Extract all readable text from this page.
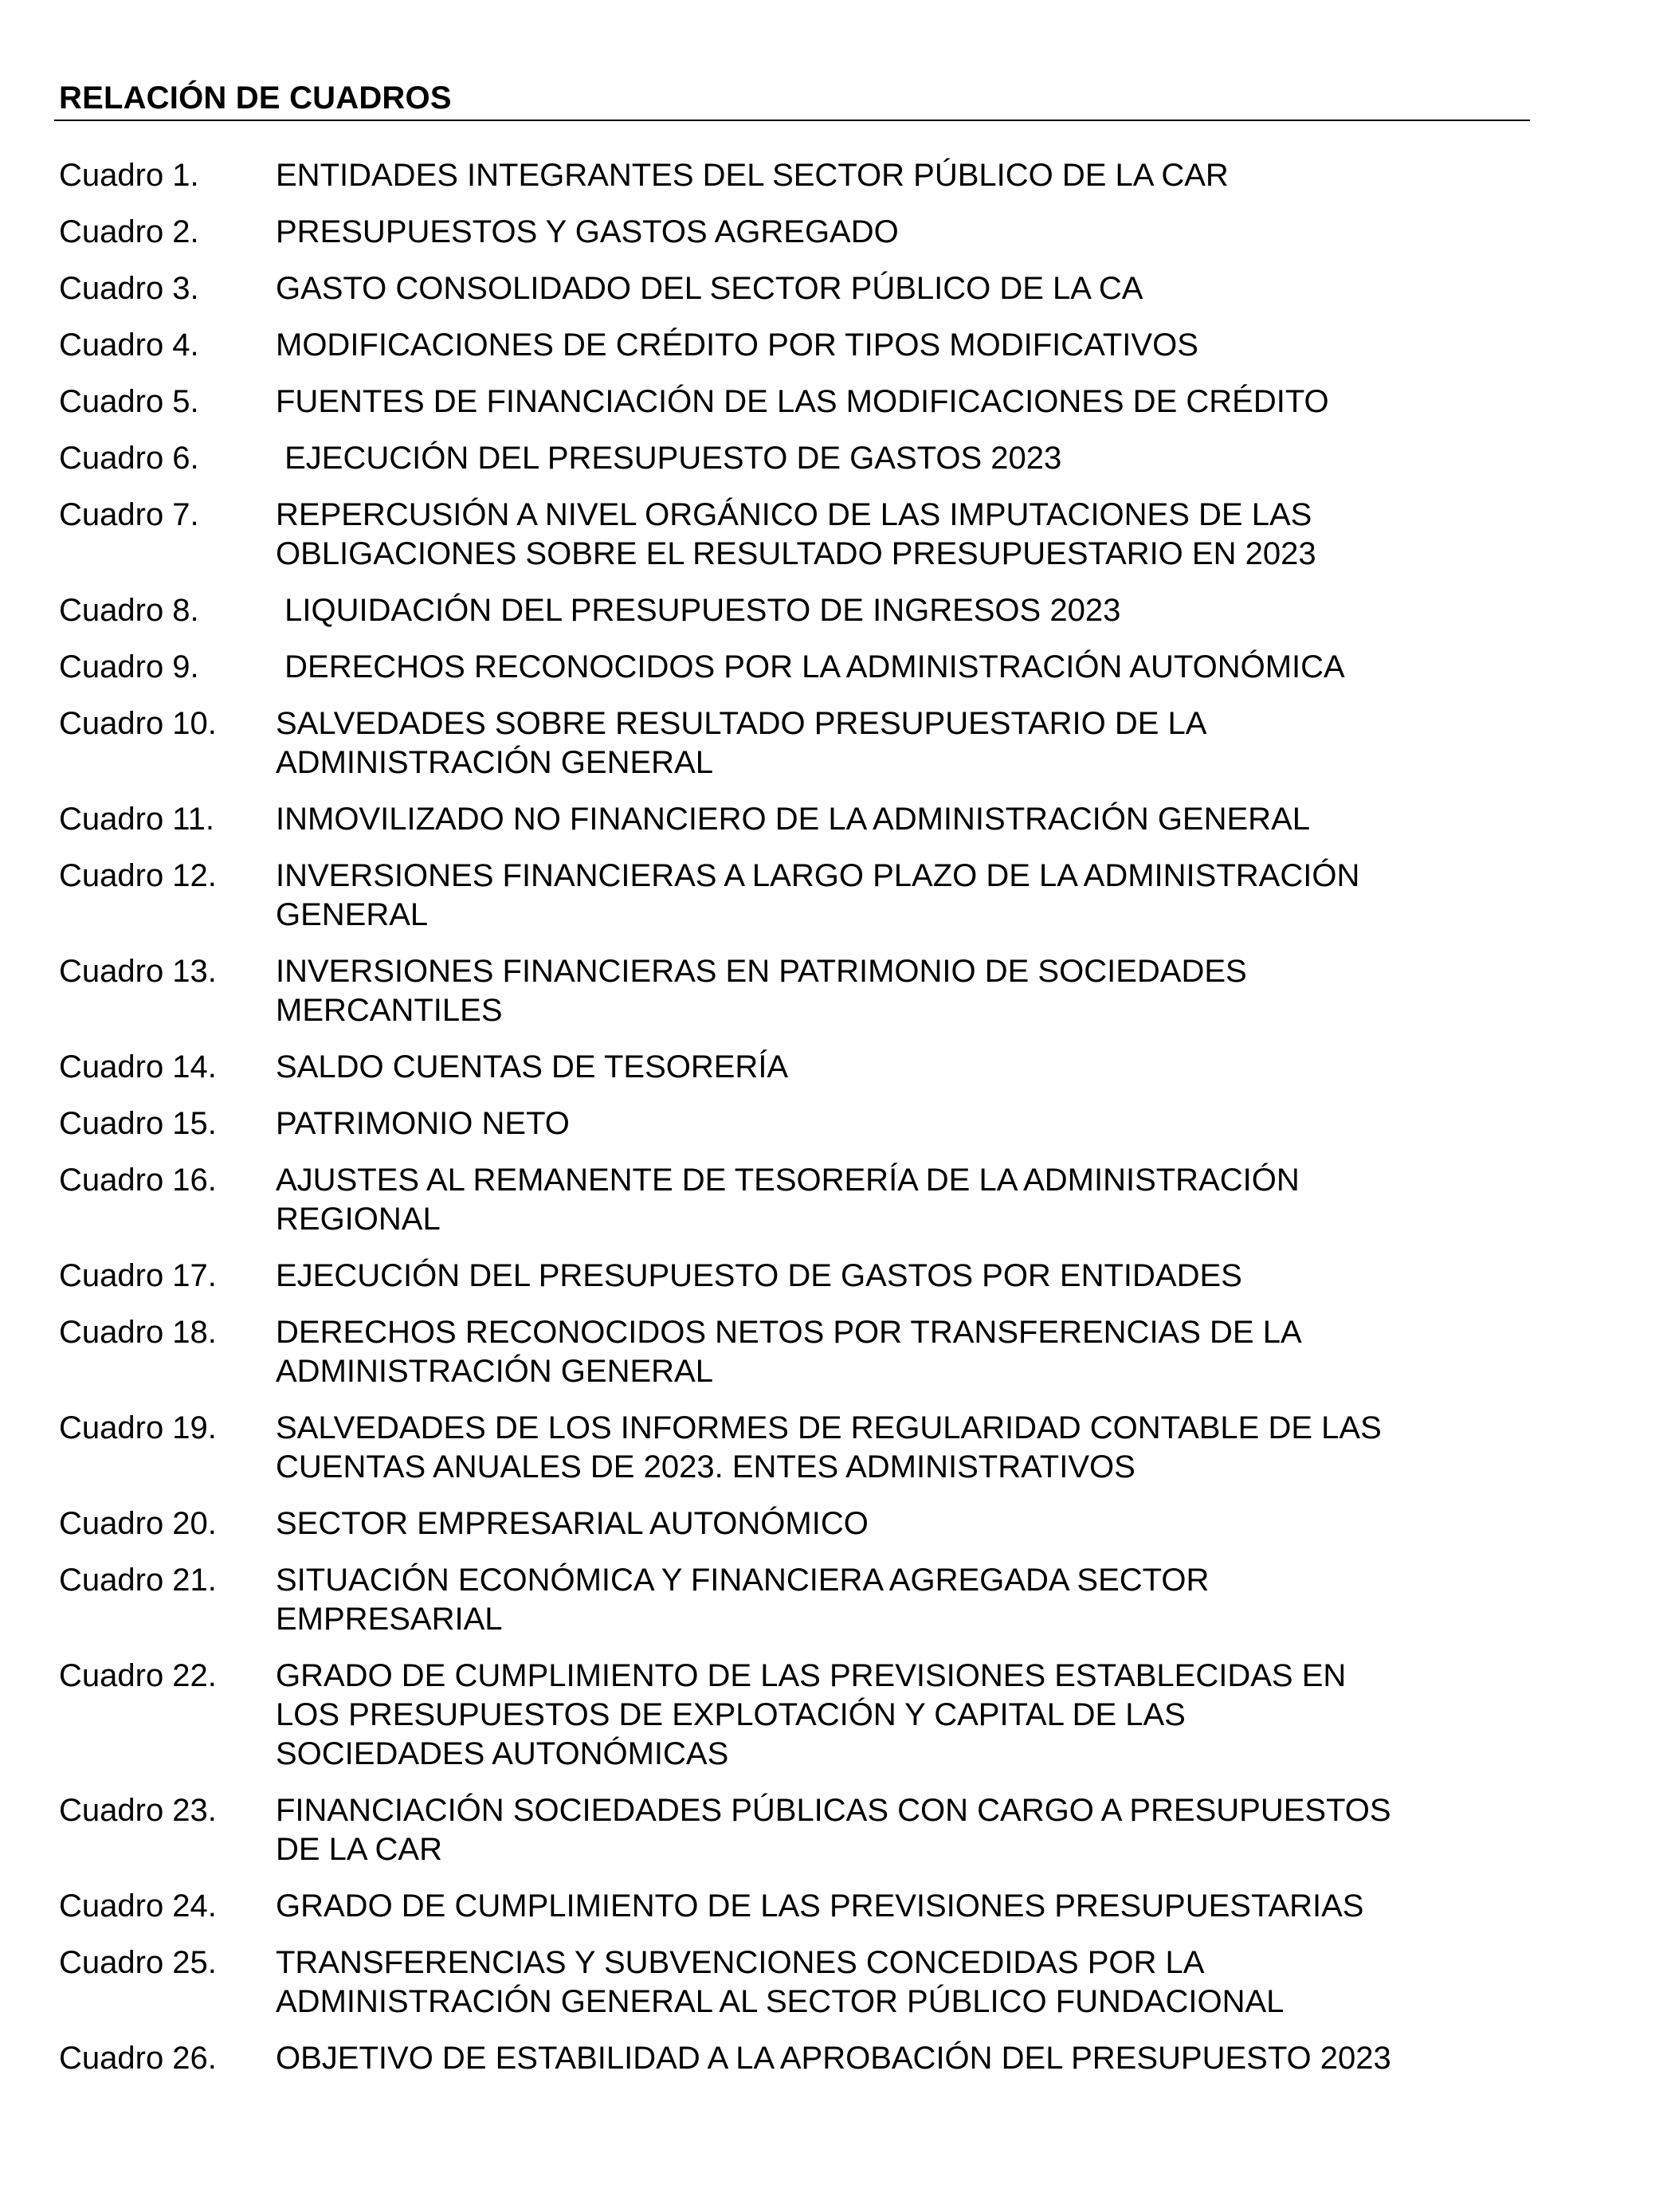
RELACIÓN DE CUADROS
Cuadro 1.	ENTIDADES INTEGRANTES DEL SECTOR PÚBLICO DE LA CAR
Cuadro 2.	PRESUPUESTOS Y GASTOS AGREGADO
Cuadro 3.	GASTO CONSOLIDADO DEL SECTOR PÚBLICO DE LA CA
Cuadro 4.	MODIFICACIONES DE CRÉDITO POR TIPOS MODIFICATIVOS
Cuadro 5.	FUENTES DE FINANCIACIÓN DE LAS MODIFICACIONES DE CRÉDITO
Cuadro 6.	EJECUCIÓN DEL PRESUPUESTO DE GASTOS 2023
Cuadro 7.	REPERCUSIÓN A NIVEL ORGÁNICO DE LAS IMPUTACIONES DE LAS
OBLIGACIONES SOBRE EL RESULTADO PRESUPUESTARIO EN 2023
Cuadro 8.	LIQUIDACIÓN DEL PRESUPUESTO DE INGRESOS 2023
Cuadro 9.	DERECHOS RECONOCIDOS POR LA ADMINISTRACIÓN AUTONÓMICA
Cuadro 10.	SALVEDADES SOBRE RESULTADO PRESUPUESTARIO DE LA
ADMINISTRACIÓN GENERAL
Cuadro 11.	INMOVILIZADO NO FINANCIERO DE LA ADMINISTRACIÓN GENERAL
Cuadro 12.	INVERSIONES FINANCIERAS A LARGO PLAZO DE LA ADMINISTRACIÓN
GENERAL
Cuadro 13.	INVERSIONES FINANCIERAS EN PATRIMONIO DE SOCIEDADES
MERCANTILES
Cuadro 14.	SALDO CUENTAS DE TESORERÍA
Cuadro 15.	PATRIMONIO NETO
Cuadro 16.	AJUSTES AL REMANENTE DE TESORERÍA DE LA ADMINISTRACIÓN
REGIONAL
Cuadro 17.	EJECUCIÓN DEL PRESUPUESTO DE GASTOS POR ENTIDADES
Cuadro 18.	DERECHOS RECONOCIDOS NETOS POR TRANSFERENCIAS DE LA
ADMINISTRACIÓN GENERAL
Cuadro 19.	SALVEDADES DE LOS INFORMES DE REGULARIDAD CONTABLE DE LAS
CUENTAS ANUALES DE 2023. ENTES ADMINISTRATIVOS
Cuadro 20.	SECTOR EMPRESARIAL AUTONÓMICO
Cuadro 21.	SITUACIÓN ECONÓMICA Y FINANCIERA AGREGADA SECTOR
EMPRESARIAL
Cuadro 22.	GRADO DE CUMPLIMIENTO DE LAS PREVISIONES ESTABLECIDAS EN
LOS PRESUPUESTOS DE EXPLOTACIÓN Y CAPITAL DE LAS
SOCIEDADES AUTONÓMICAS
Cuadro 23.	FINANCIACIÓN SOCIEDADES PÚBLICAS CON CARGO A PRESUPUESTOS
DE LA CAR
Cuadro 24.	GRADO DE CUMPLIMIENTO DE LAS PREVISIONES PRESUPUESTARIAS
Cuadro 25.	TRANSFERENCIAS Y SUBVENCIONES CONCEDIDAS POR LA
ADMINISTRACIÓN GENERAL AL SECTOR PÚBLICO FUNDACIONAL
Cuadro 26.	OBJETIVO DE ESTABILIDAD A LA APROBACIÓN DEL PRESUPUESTO 2023
